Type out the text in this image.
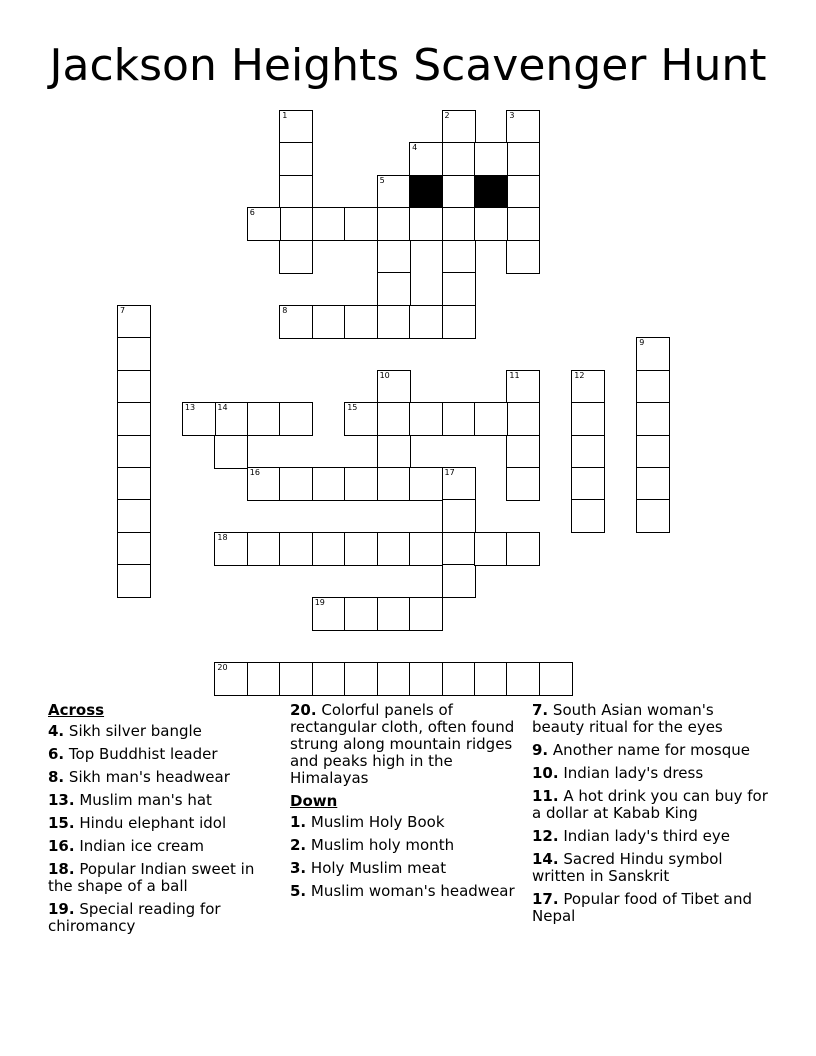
Jackson Heights Scavenger Hunt
1	2	3
5
7
9
10	11	12
14
17
4
6
8
13	15
16
18
19
20
Across
4. Sikh silver bangle
6. Top Buddhist leader
8. Sikh man's headwear
13. Muslim man's hat
15. Hindu elephant idol
16. Indian ice cream
18. Popular Indian sweet in the shape of a ball
19. Special reading for chiromancy
20. Colorful panels of rectangular cloth, often found strung along mountain ridges and peaks high in the Himalayas
Down
1. Muslim Holy Book
2. Muslim holy month
3. Holy Muslim meat
5. Muslim woman's headwear
7. South Asian woman's beauty ritual for the eyes
9. Another name for mosque
10. Indian lady's dress
11. A hot drink you can buy for a dollar at Kabab King
12. Indian lady's third eye
14. Sacred Hindu symbol written in Sanskrit
17. Popular food of Tibet and Nepal
